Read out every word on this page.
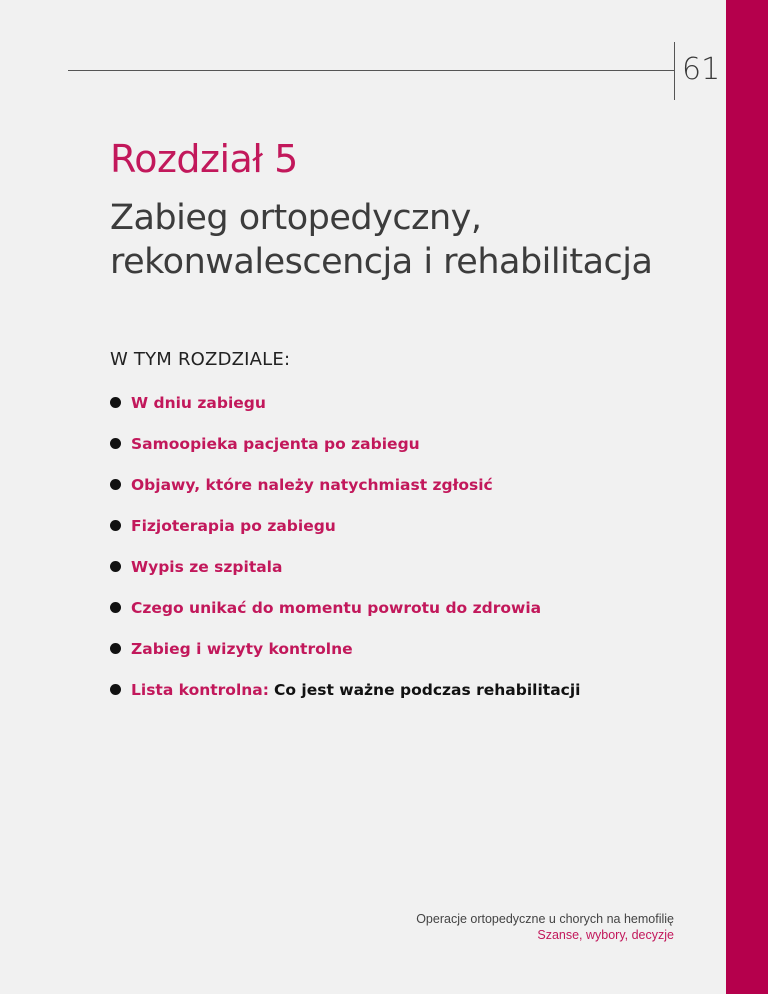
61
Rozdział 5
Zabieg ortopedyczny,
rekonwalescencja i rehabilitacja
W TYM ROZDZIALE:
W dniu zabiegu
Samoopieka pacjenta po zabiegu
Objawy, które należy natychmiast zgłosić
Fizjoterapia po zabiegu
Wypis ze szpitala
Czego unikać do momentu powrotu do zdrowia
Zabieg i wizyty kontrolne
Lista kontrolna: Co jest ważne podczas rehabilitacji
Operacje ortopedyczne u chorych na hemofilię
Szanse, wybory, decyzje
